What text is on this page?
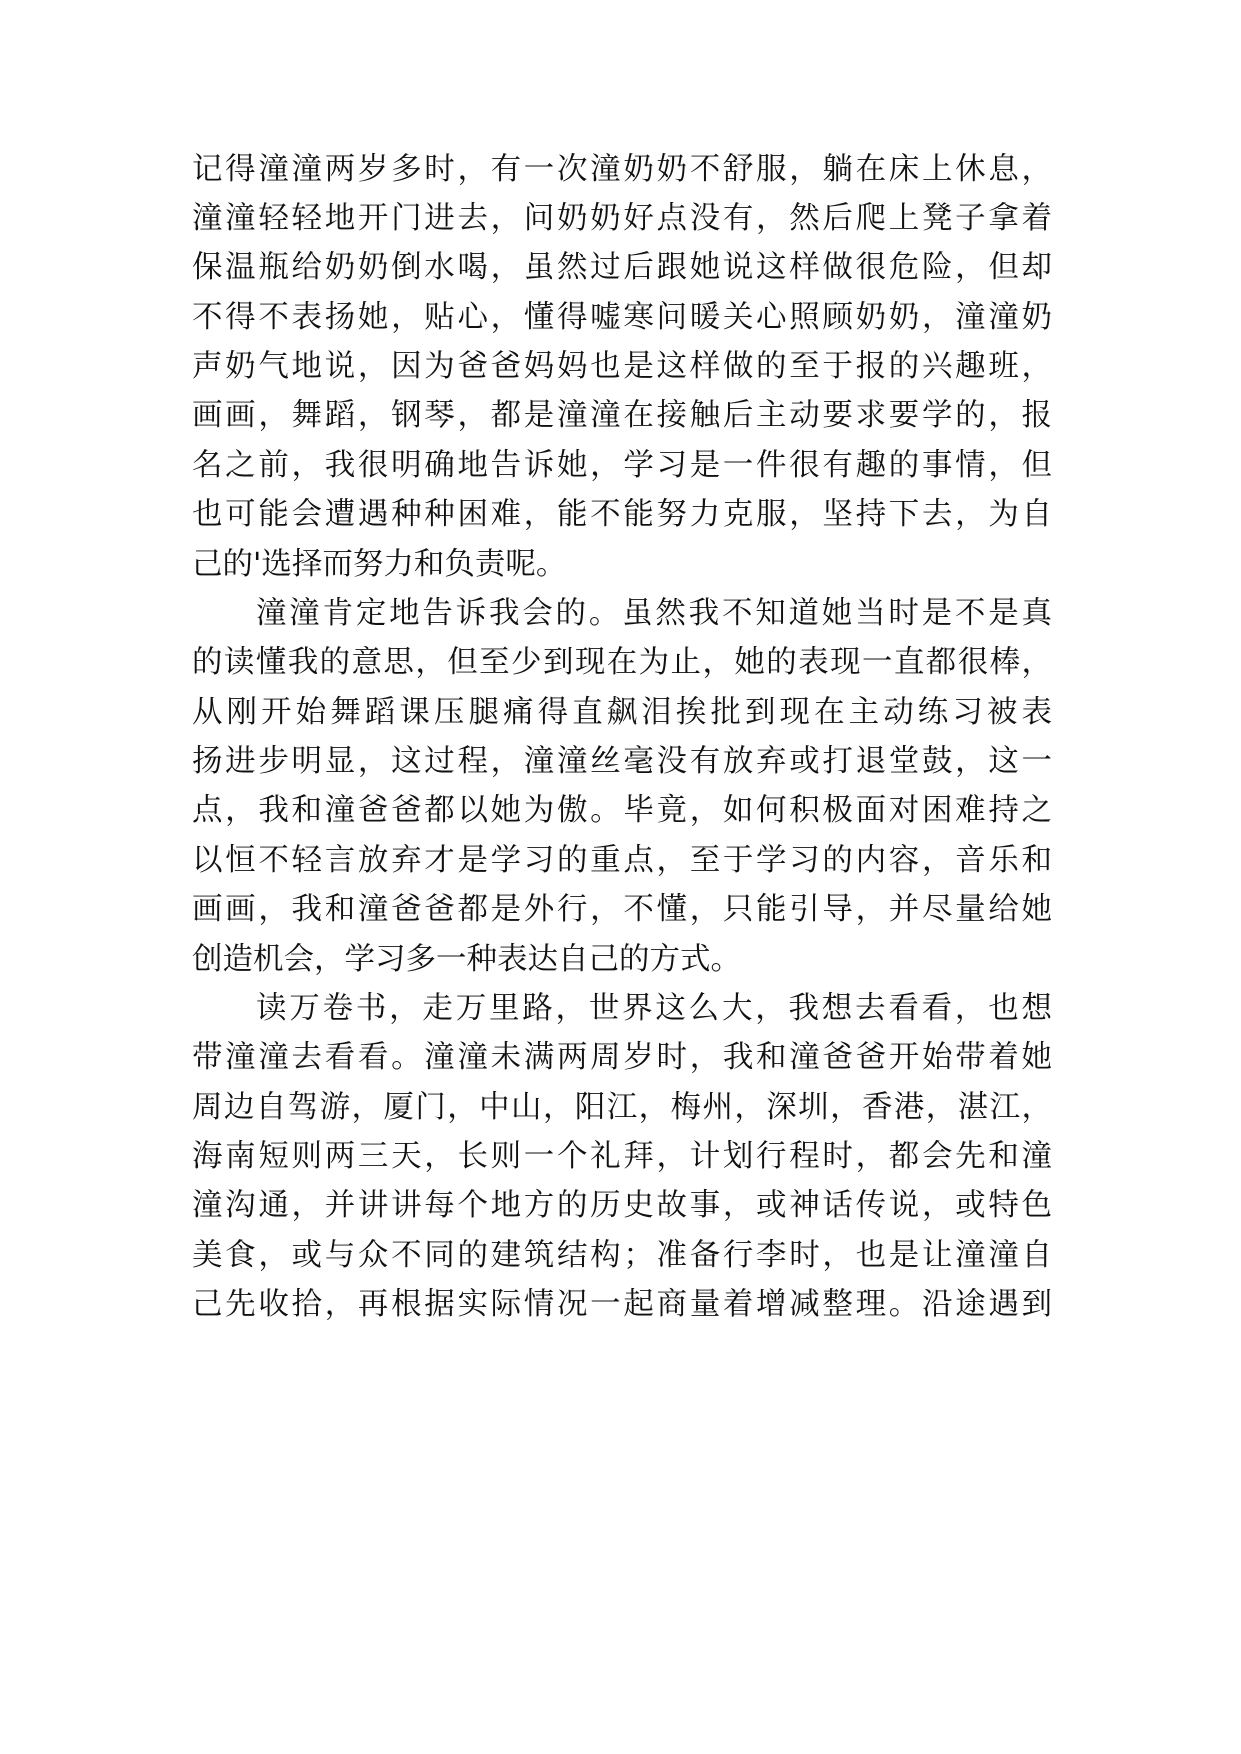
记得潼潼两岁多时，有一次潼奶奶不舒服，躺在床上休息，
潼潼轻轻地开门进去，问奶奶好点没有，然后爬上凳子拿着
保温瓶给奶奶倒水喝，虽然过后跟她说这样做很危险，但却
不得不表扬她，贴心，懂得嘘寒问暖关心照顾奶奶，潼潼奶
声奶气地说，因为爸爸妈妈也是这样做的至于报的兴趣班，
画画，舞蹈，钢琴，都是潼潼在接触后主动要求要学的，报
名之前，我很明确地告诉她，学习是一件很有趣的事情，但
也可能会遭遇种种困难，能不能努力克服，坚持下去，为自
己的'选择而努力和负责呢。
潼潼肯定地告诉我会的。虽然我不知道她当时是不是真
的读懂我的意思，但至少到现在为止，她的表现一直都很棒，
从刚开始舞蹈课压腿痛得直飙泪挨批到现在主动练习被表
扬进步明显，这过程，潼潼丝毫没有放弃或打退堂鼓，这一
点，我和潼爸爸都以她为傲。毕竟，如何积极面对困难持之
以恒不轻言放弃才是学习的重点，至于学习的内容，音乐和
画画，我和潼爸爸都是外行，不懂，只能引导，并尽量给她
创造机会，学习多一种表达自己的方式。
读万卷书，走万里路，世界这么大，我想去看看，也想
带潼潼去看看。潼潼未满两周岁时，我和潼爸爸开始带着她
周边自驾游，厦门，中山，阳江，梅州，深圳，香港，湛江，
海南短则两三天，长则一个礼拜，计划行程时，都会先和潼
潼沟通，并讲讲每个地方的历史故事，或神话传说，或特色
美食，或与众不同的建筑结构；准备行李时，也是让潼潼自
己先收拾，再根据实际情况一起商量着增减整理。沿途遇到
